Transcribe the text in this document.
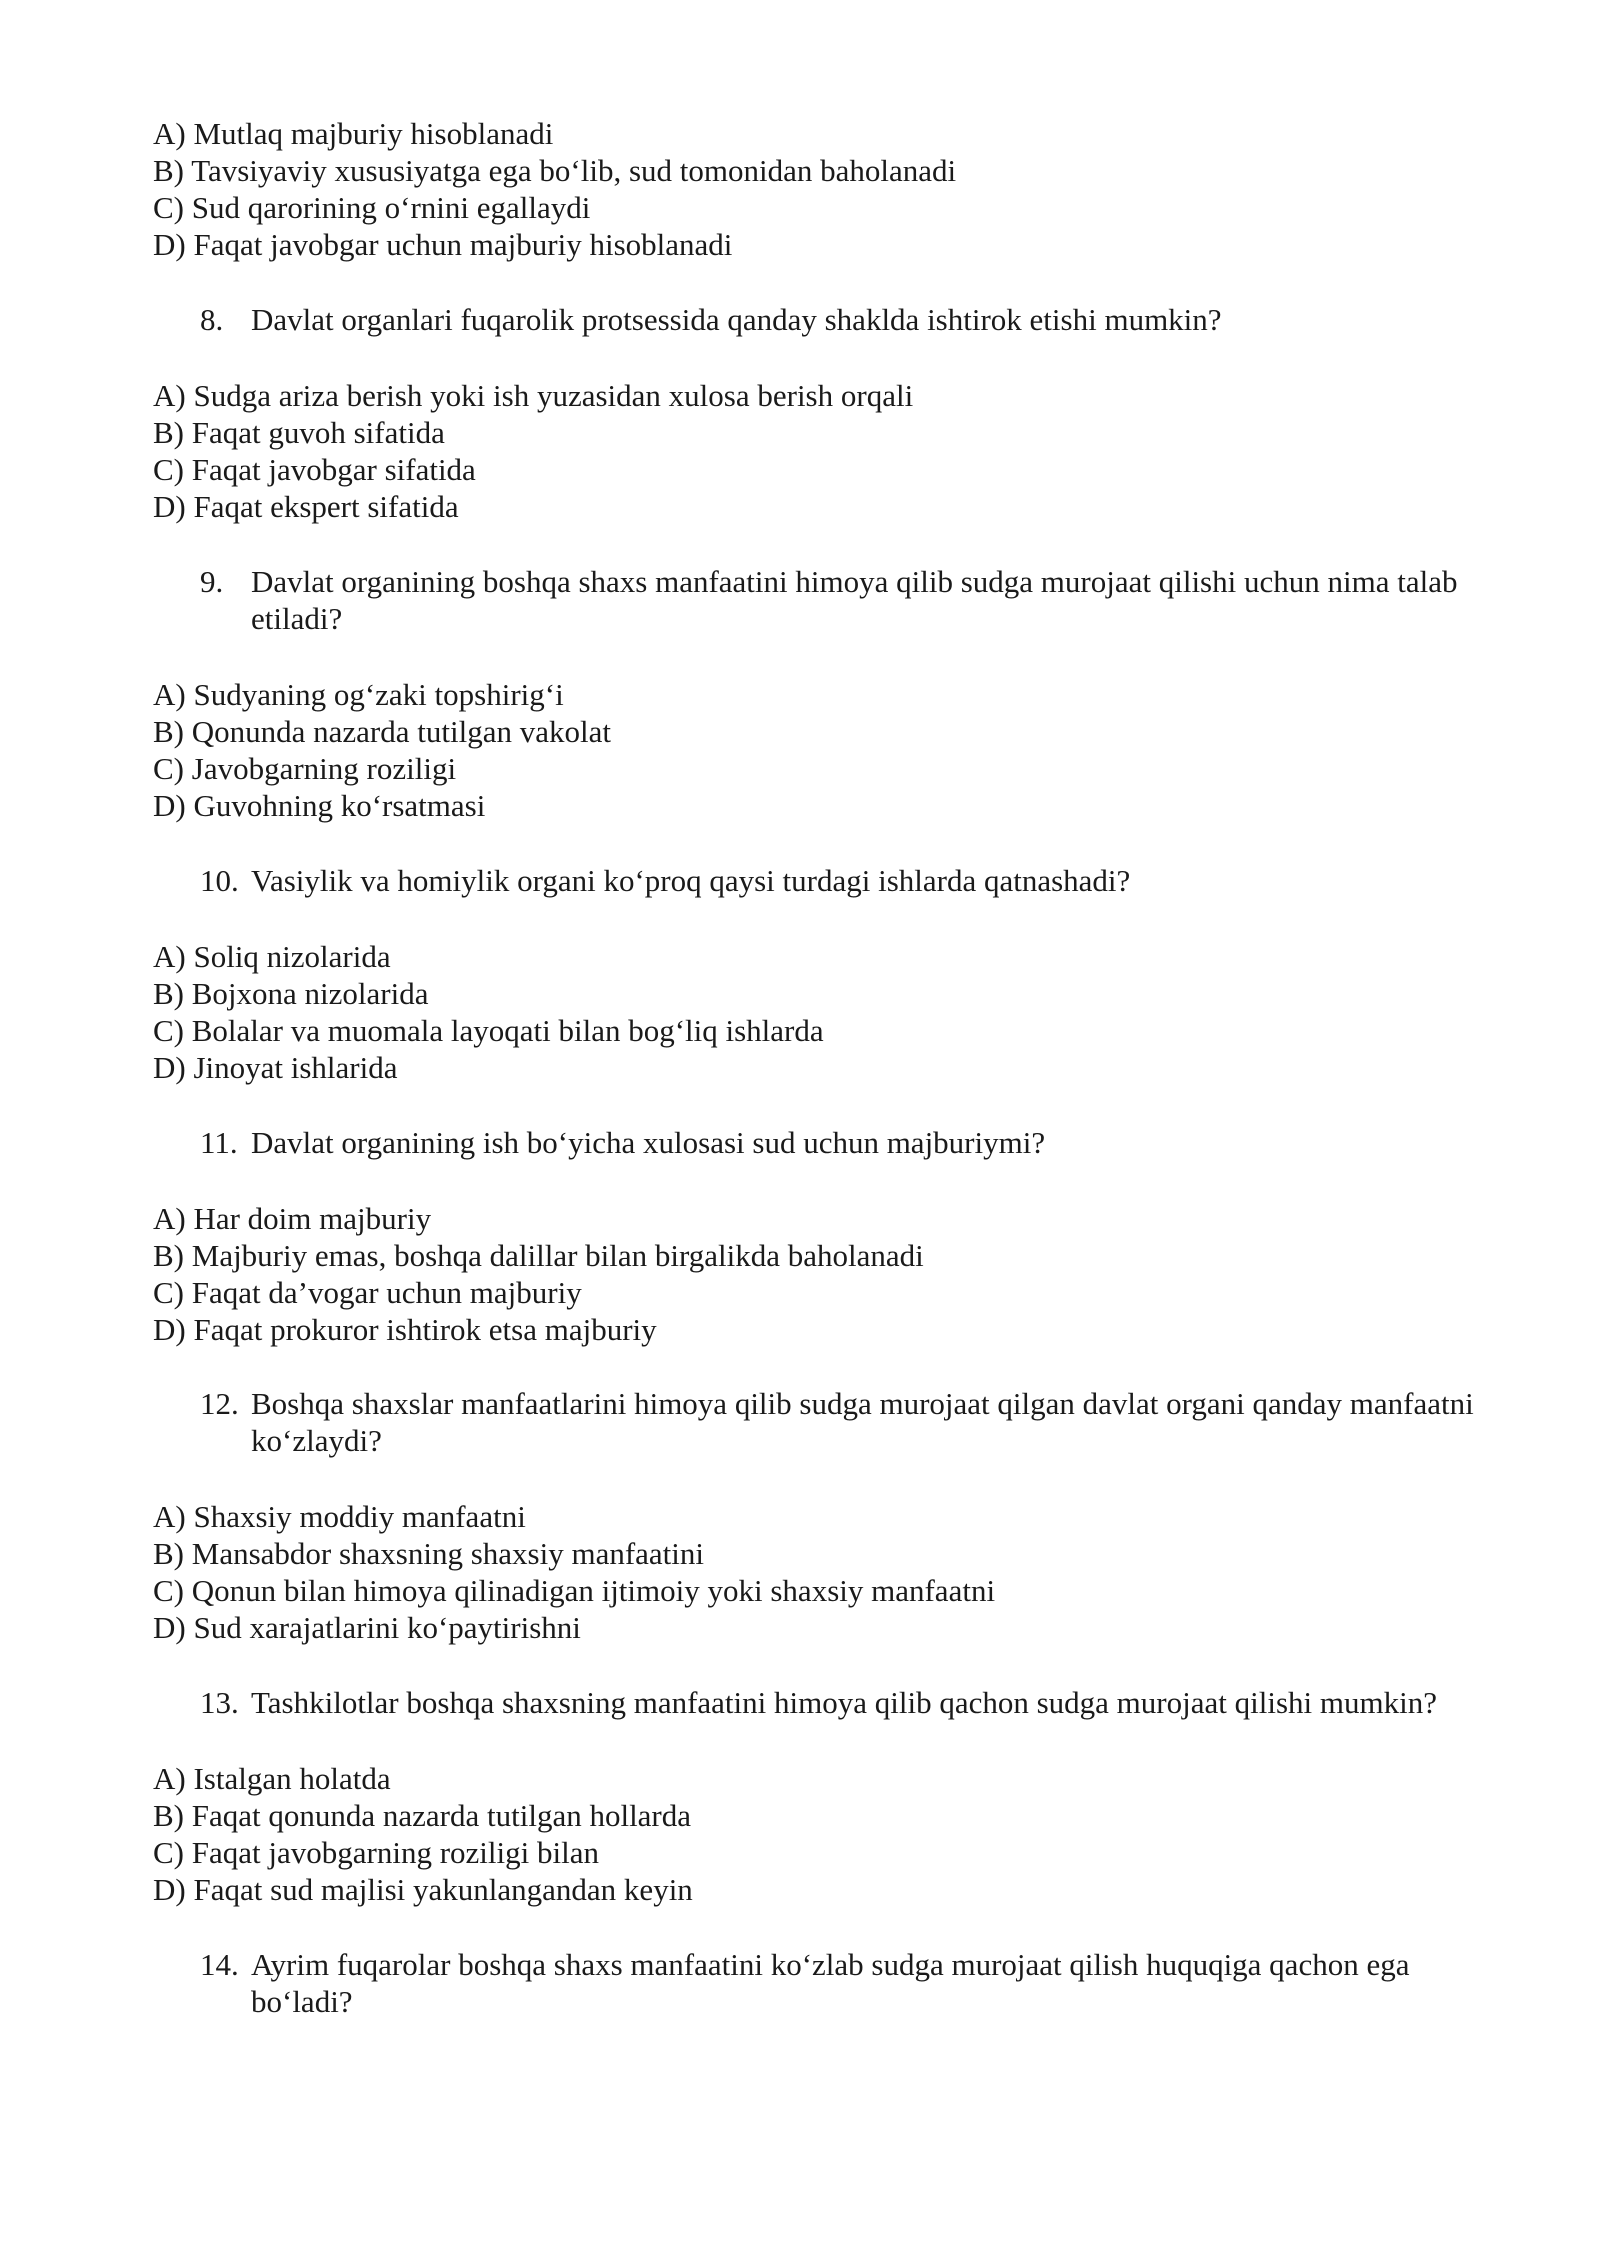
A) Mutlaq majburiy hisoblanadi
B) Tavsiyaviy xususiyatga ega bo‘lib, sud tomonidan baholanadi
C) Sud qarorining o‘rnini egallaydi
D) Faqat javobgar uchun majburiy hisoblanadi
8. Davlat organlari fuqarolik protsessida qanday shaklda ishtirok etishi mumkin?
A) Sudga ariza berish yoki ish yuzasidan xulosa berish orqali
B) Faqat guvoh sifatida
C) Faqat javobgar sifatida
D) Faqat ekspert sifatida
9. Davlat organining boshqa shaxs manfaatini himoya qilib sudga murojaat qilishi uchun nima talab etiladi?
A) Sudyaning og‘zaki topshirig‘i
B) Qonunda nazarda tutilgan vakolat
C) Javobgarning roziligi
D) Guvohning ko‘rsatmasi
10. Vasiylik va homiylik organi ko‘proq qaysi turdagi ishlarda qatnashadi?
A) Soliq nizolarida
B) Bojxona nizolarida
C) Bolalar va muomala layoqati bilan bog‘liq ishlarda
D) Jinoyat ishlarida
11. Davlat organining ish bo‘yicha xulosasi sud uchun majburiymi?
A) Har doim majburiy
B) Majburiy emas, boshqa dalillar bilan birgalikda baholanadi
C) Faqat da’vogar uchun majburiy
D) Faqat prokuror ishtirok etsa majburiy
12. Boshqa shaxslar manfaatlarini himoya qilib sudga murojaat qilgan davlat organi qanday manfaatni ko‘zlaydi?
A) Shaxsiy moddiy manfaatni
B) Mansabdor shaxsning shaxsiy manfaatini
C) Qonun bilan himoya qilinadigan ijtimoiy yoki shaxsiy manfaatni
D) Sud xarajatlarini ko‘paytirishni
13. Tashkilotlar boshqa shaxsning manfaatini himoya qilib qachon sudga murojaat qilishi mumkin?
A) Istalgan holatda
B) Faqat qonunda nazarda tutilgan hollarda
C) Faqat javobgarning roziligi bilan
D) Faqat sud majlisi yakunlangandan keyin
14. Ayrim fuqarolar boshqa shaxs manfaatini ko‘zlab sudga murojaat qilish huquqiga qachon ega bo‘ladi?
